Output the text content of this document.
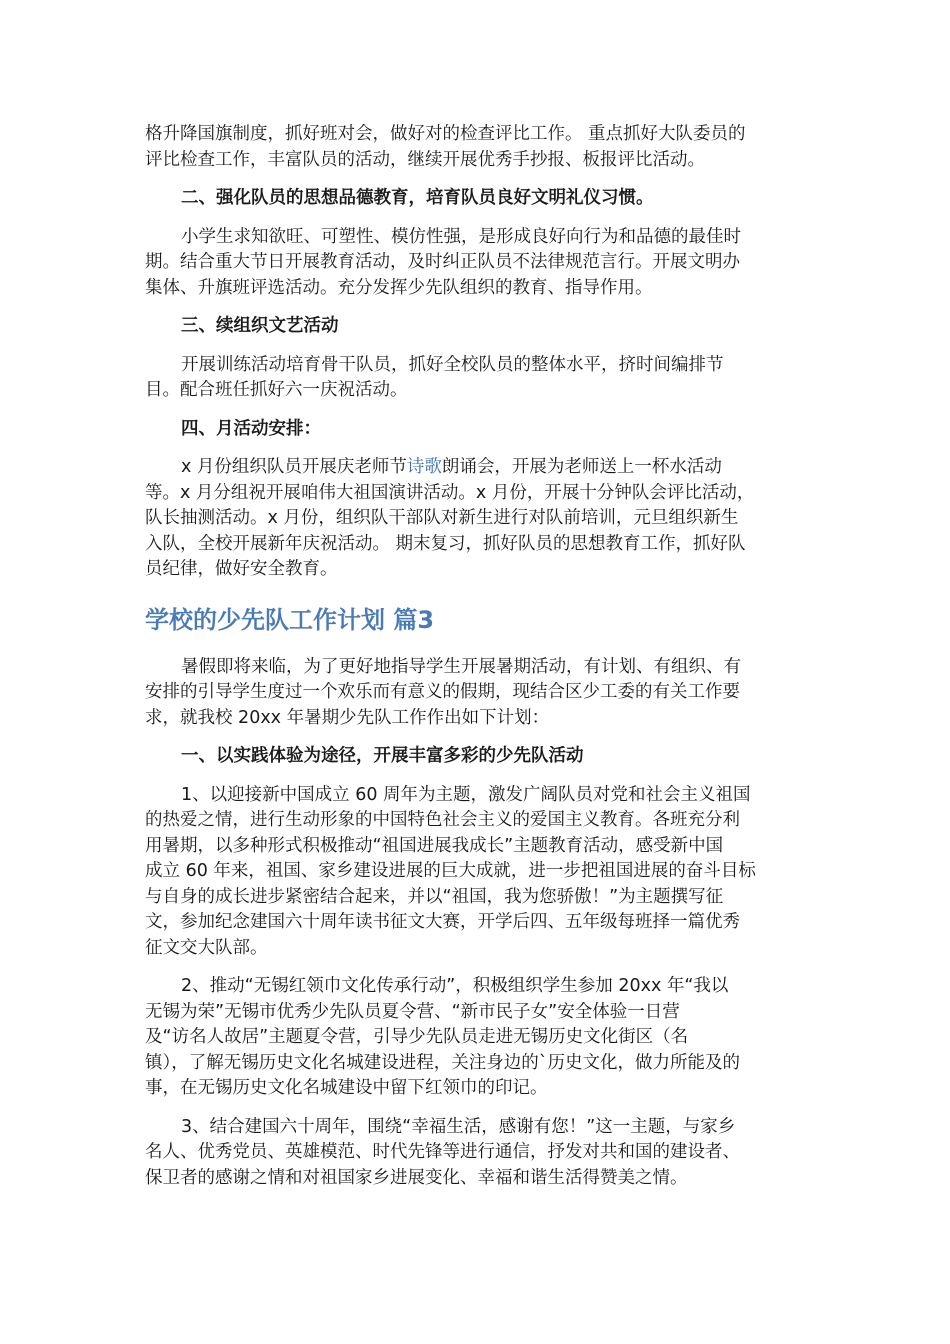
格升降国旗制度，抓好班对会，做好对的检查评比工作。 重点抓好大队委员的

评比检查工作，丰富队员的活动，继续开展优秀手抄报、板报评比活动。

二、强化队员的思想品德教育，培育队员良好文明礼仪习惯。

小学生求知欲旺、可塑性、模仿性强，是形成良好向行为和品德的最佳时

期。结合重大节日开展教育活动，及时纠正队员不法律规范言行。开展文明办

集体、升旗班评选活动。充分发挥少先队组织的教育、指导作用。

三、续组织文艺活动

开展训练活动培育骨干队员，抓好全校队员的整体水平，挤时间编排节

目。配合班任抓好六一庆祝活动。

四、月活动安排：

x 月份组织队员开展庆老师节诗歌朗诵会，开展为老师送上一杯水活动

等。x 月分组祝开展咱伟大祖国演讲活动。x 月份，开展十分钟队会评比活动，

队长抽测活动。x 月份，组织队干部队对新生进行对队前培训，元旦组织新生

入队，全校开展新年庆祝活动。 期末复习，抓好队员的思想教育工作，抓好队

员纪律，做好安全教育。

学校的少先队工作计划 篇3

暑假即将来临，为了更好地指导学生开展暑期活动，有计划、有组织、有

安排的引导学生度过一个欢乐而有意义的假期，现结合区少工委的有关工作要

求，就我校 20xx 年暑期少先队工作作出如下计划：

一、以实践体验为途径，开展丰富多彩的少先队活动

1、以迎接新中国成立 60 周年为主题，激发广阔队员对党和社会主义祖国

的热爱之情，进行生动形象的中国特色社会主义的爱国主义教育。各班充分利

用暑期，以多种形式积极推动“祖国进展我成长”主题教育活动，感受新中国

成立 60 年来，祖国、家乡建设进展的巨大成就，进一步把祖国进展的奋斗目标

与自身的成长进步紧密结合起来，并以“祖国，我为您骄傲！”为主题撰写征

文，参加纪念建国六十周年读书征文大赛，开学后四、五年级每班择一篇优秀

征文交大队部。

2、推动“无锡红领巾文化传承行动”，积极组织学生参加 20xx 年“我以

无锡为荣”无锡市优秀少先队员夏令营、“新市民子女”安全体验一日营

及“访名人故居”主题夏令营，引导少先队员走进无锡历史文化街区（名

镇），了解无锡历史文化名城建设进程，关注身边的`历史文化，做力所能及的

事，在无锡历史文化名城建设中留下红领巾的印记。

3、结合建国六十周年，围绕“幸福生活，感谢有您！”这一主题，与家乡

名人、优秀党员、英雄模范、时代先锋等进行通信，抒发对共和国的建设者、

保卫者的感谢之情和对祖国家乡进展变化、幸福和谐生活得赞美之情。
